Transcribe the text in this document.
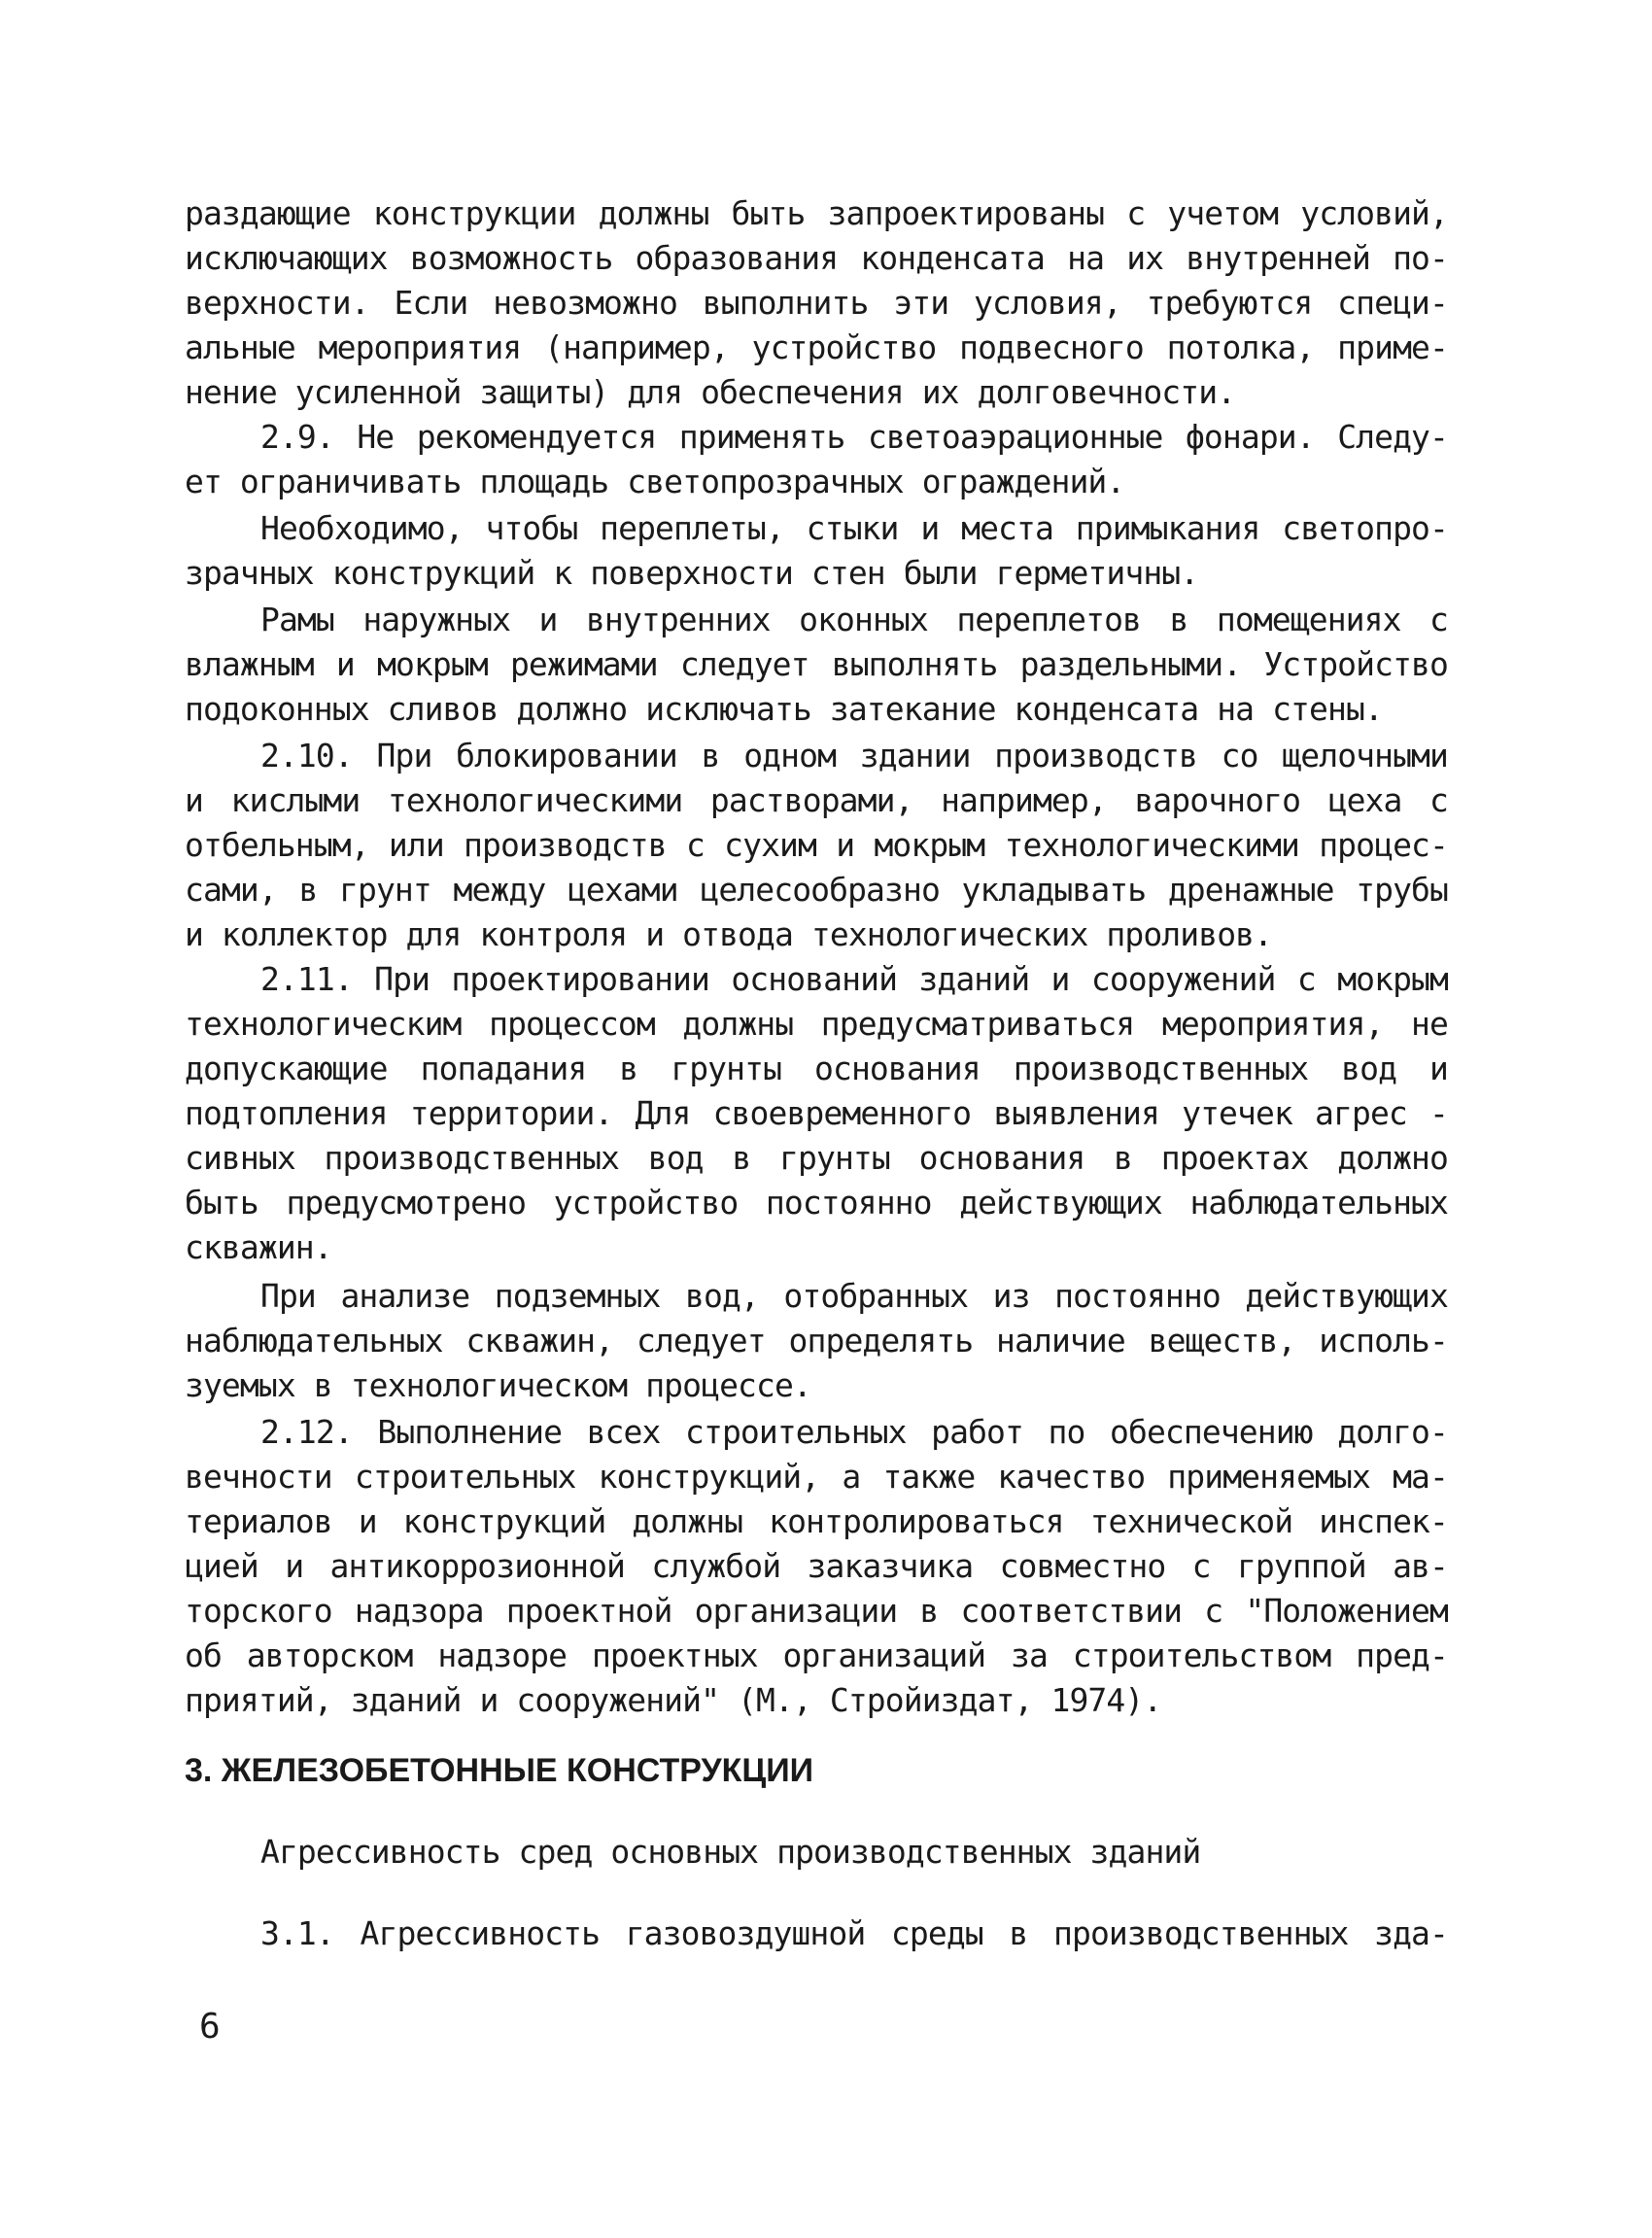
раздающие конструкции должны быть запроектированы с учетом условий,
исключающих возможность образования конденсата на их внутренней по-
верхности. Если невозможно выполнить эти условия, требуются специ-
альные мероприятия (например, устройство подвесного потолка, приме-
нение усиленной защиты) для обеспечения их долговечности.
2.9. Не рекомендуется применять светоаэрационные фонари. Следу-
ет ограничивать площадь светопрозрачных ограждений.
Необходимо, чтобы переплеты, стыки и места примыкания светопро-
зрачных конструкций к поверхности стен были герметичны.
Рамы наружных и внутренних оконных переплетов в помещениях с
влажным и мокрым режимами следует выполнять раздельными. Устройство
подоконных сливов должно исключать затекание конденсата на стены.
2.10. При блокировании в одном здании производств со щелочными
и кислыми технологическими растворами, например, варочного цеха с
отбельным, или производств с сухим и мокрым технологическими процес-
сами, в грунт между цехами целесообразно укладывать дренажные трубы
и коллектор для контроля и отвода технологических проливов.
2.11. При проектировании оснований зданий и сооружений с мокрым
технологическим процессом должны предусматриваться мероприятия, не
допускающие попадания в грунты основания производственных вод и
подтопления территории. Для своевременного выявления утечек агрес -
сивных производственных вод в грунты основания в проектах должно
быть предусмотрено устройство постоянно действующих наблюдательных
скважин.
При анализе подземных вод, отобранных из постоянно действующих
наблюдательных скважин, следует определять наличие веществ, исполь-
зуемых в технологическом процессе.
2.12. Выполнение всех строительных работ по обеспечению долго-
вечности строительных конструкций, а также качество применяемых ма-
териалов и конструкций должны контролироваться технической инспек-
цией и антикоррозионной службой заказчика совместно с группой ав-
торского надзора проектной организации в соответствии с "Положением
об авторском надзоре проектных организаций за строительством пред-
приятий, зданий и сооружений" (М., Стройиздат, 1974).
3. ЖЕЛЕЗОБЕТОННЫЕ КОНСТРУКЦИИ
Агрессивность сред основных производственных зданий
3.1. Агрессивность газовоздушной среды в производственных зда-
6
